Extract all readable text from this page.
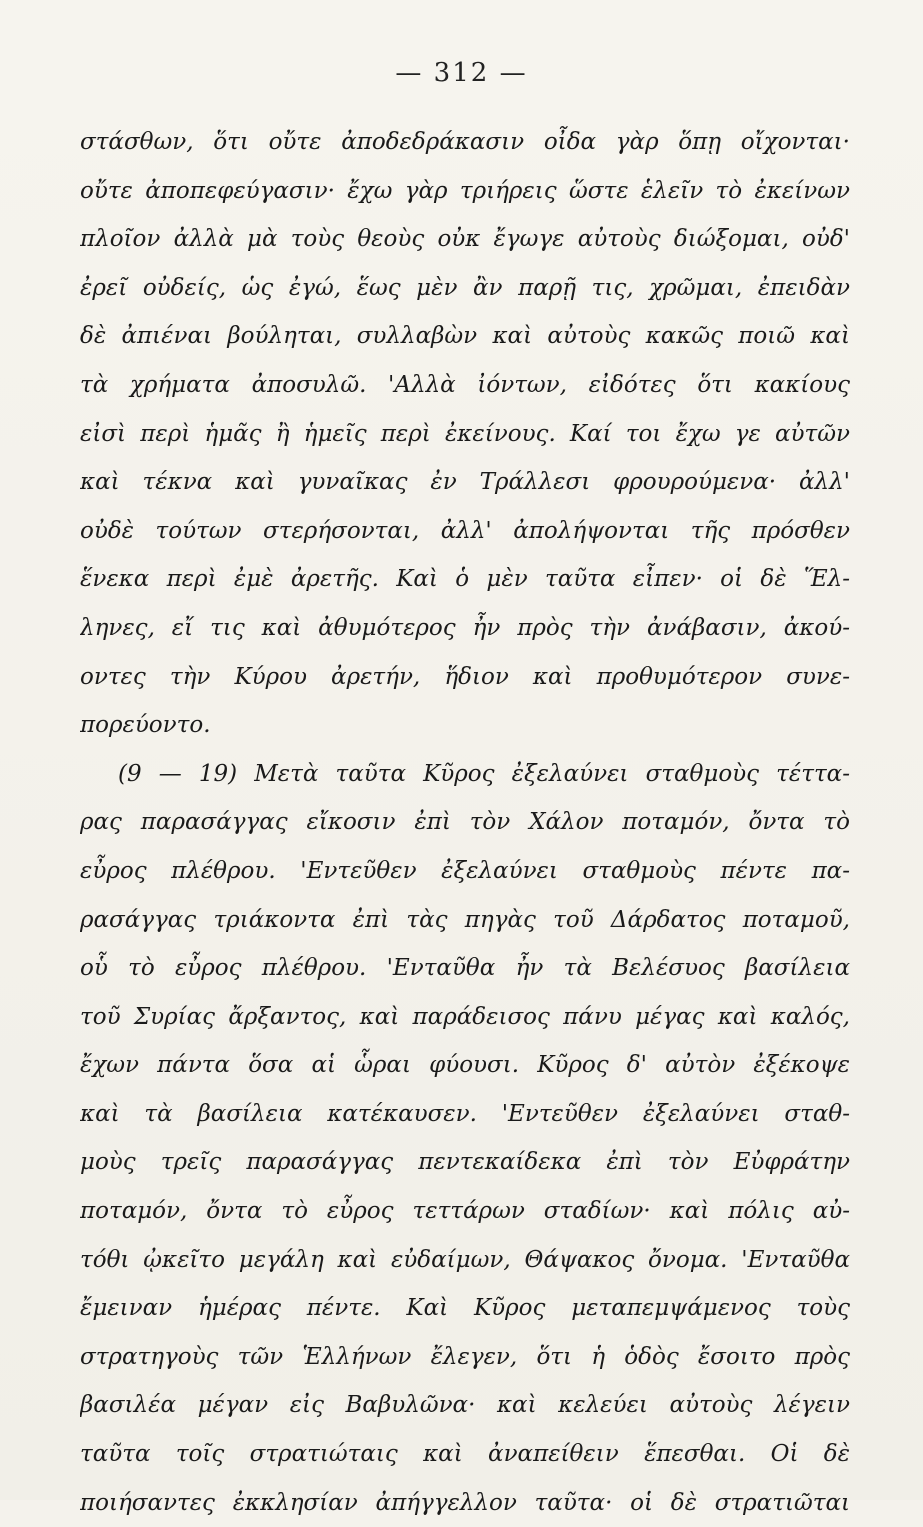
— 312 —
στάσθων, ὅτι οὔτε ἀποδεδράκασιν οἶδα γὰρ ὅπῃ οἴχονται·
οὔτε ἀποπεφεύγασιν· ἔχω γὰρ τριήρεις ὥστε ἑλεῖν τὸ ἐκείνων
πλοῖον ἀλλὰ μὰ τοὺς θεοὺς οὐκ ἔγωγε αὐτοὺς διώξομαι, οὐδ'
ἐρεῖ οὐδείς, ὡς ἐγώ, ἕως μὲν ἂν παρῇ τις, χρῶμαι, ἐπειδὰν
δὲ ἀπιέναι βούληται, συλλαβὼν καὶ αὐτοὺς κακῶς ποιῶ καὶ
τὰ χρήματα ἀποσυλῶ. 'Αλλὰ ἰόντων, εἰδότες ὅτι κακίους
εἰσὶ περὶ ἡμᾶς ἢ ἡμεῖς περὶ ἐκείνους. Καί τοι ἔχω γε αὐτῶν
καὶ τέκνα καὶ γυναῖκας ἐν Τράλλεσι φρουρούμενα· ἀλλ'
οὐδὲ τούτων στερήσονται, ἀλλ' ἀπολήψονται τῆς πρόσθεν
ἕνεκα περὶ ἐμὲ ἀρετῆς. Καὶ ὁ μὲν ταῦτα εἶπεν· οἱ δὲ Ἕλ-
ληνες, εἴ τις καὶ ἀθυμότερος ἦν πρὸς τὴν ἀνάβασιν, ἀκού-
οντες τὴν Κύρου ἀρετήν, ἥδιον καὶ προθυμότερον συνε-
πορεύοντο.
(9 — 19) Μετὰ ταῦτα Κῦρος ἐξελαύνει σταθμοὺς τέττα-
ρας παρασάγγας εἴκοσιν ἐπὶ τὸν Χάλον ποταμόν, ὄντα τὸ
εὖρος πλέθρου. 'Εντεῦθεν ἐξελαύνει σταθμοὺς πέντε πα-
ρασάγγας τριάκοντα ἐπὶ τὰς πηγὰς τοῦ Δάρδατος ποταμοῦ,
οὗ τὸ εὖρος πλέθρου. 'Ενταῦθα ἦν τὰ Βελέσυος βασίλεια
τοῦ Συρίας ἄρξαντος, καὶ παράδεισος πάνυ μέγας καὶ καλός,
ἔχων πάντα ὅσα αἱ ὧραι φύουσι. Κῦρος δ' αὐτὸν ἐξέκοψε
καὶ τὰ βασίλεια κατέκαυσεν. 'Εντεῦθεν ἐξελαύνει σταθ-
μοὺς τρεῖς παρασάγγας πεντεκαίδεκα ἐπὶ τὸν Εὐφράτην
ποταμόν, ὄντα τὸ εὖρος τεττάρων σταδίων· καὶ πόλις αὐ-
τόθι ᾠκεῖτο μεγάλη καὶ εὐδαίμων, Θάψακος ὄνομα. 'Ενταῦθα
ἔμειναν ἡμέρας πέντε. Καὶ Κῦρος μεταπεμψάμενος τοὺς
στρατηγοὺς τῶν Ἑλλήνων ἔλεγεν, ὅτι ἡ ὁδὸς ἔσοιτο πρὸς
βασιλέα μέγαν εἰς Βαβυλῶνα· καὶ κελεύει αὐτοὺς λέγειν
ταῦτα τοῖς στρατιώταις καὶ ἀναπείθειν ἕπεσθαι. Οἱ δὲ
ποιήσαντες ἐκκλησίαν ἀπήγγελλον ταῦτα· οἱ δὲ στρατιῶται
